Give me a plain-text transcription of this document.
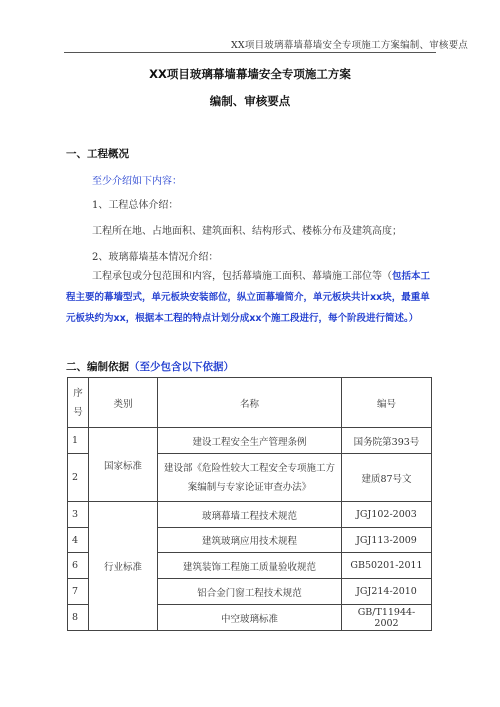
XX项目玻璃幕墙幕墙安全专项施工方案编制、审核要点
XX项目玻璃幕墙幕墙安全专项施工方案
编制、审核要点
一、工程概况
至少介绍如下内容：
1、工程总体介绍：
工程所在地、占地面积、建筑面积、结构形式、楼栋分布及建筑高度；
2、玻璃幕墙基本情况介绍：
工程承包或分包范围和内容，包括幕墙施工面积、幕墙施工部位等（包括本工程主要的幕墙型式，单元板块安装部位，纵立面幕墙简介，单元板块共计xx块，最重单元板块约为xx，根据本工程的特点计划分成xx个施工段进行，每个阶段进行简述。）
二、编制依据（至少包含以下依据）
序号	类别	名称	编号
1	国家标准	建设工程安全生产管理条例	国务院第393号
2		建设部《危险性较大工程安全专项施工方案编制与专家论证审查办法》	建质87号文
3	行业标准	玻璃幕墙工程技术规范	JGJ102-2003
4		建筑玻璃应用技术规程	JGJ113-2009
6		建筑装饰工程施工质量验收规范	GB50201-2011
7		铝合金门窗工程技术规范	JGJ214-2010
8		中空玻璃标准	GB/T11944-2002
